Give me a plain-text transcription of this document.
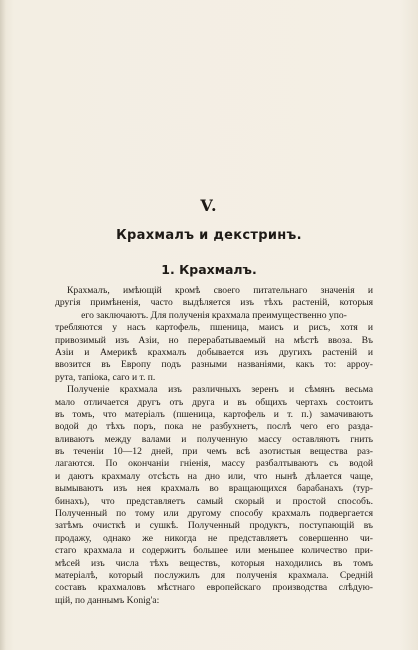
V.
Крахмалъ и декстринъ.
1. Крахмалъ.
Крахмалъ, имѣющій кромѣ своего питательнаго значенія и
другія примѣненія, часто выдѣляется изъ тѣхъ растеній, которыя
его заключаютъ. Для полученія крахмала преимущественно упо-
требляются у насъ картофель, пшеница, маисъ и рисъ, хотя и
привозимый изъ Азіи, но перерабатываемый на мѣстѣ ввоза. Въ
Азіи и Америкѣ крахмалъ добывается изъ другихъ растеній и
ввозится въ Европу подъ разными названіями, какъ то: арроу-
рута, тапіока, саго и т. п.
Полученіе крахмала изъ различныхъ зеренъ и сѣмянъ весьма
мало отличается другъ отъ друга и въ общихъ чертахъ состоитъ
въ томъ, что матеріалъ (пшеница, картофель и т. п.) замачиваютъ
водой до тѣхъ поръ, пока не разбухнетъ, послѣ чего его разда-
вливаютъ между валами и полученную массу оставляютъ гнить
въ теченіи 10—12 дней, при чемъ всѣ азотистыя вещества раз-
лагаются. По окончаніи гніенія, массу разбалтываютъ съ водой
и даютъ крахмалу отсѣсть на дно или, что нынѣ дѣлается чаще,
вымываютъ изъ нея крахмалъ во вращающихся барабанахъ (тур-
бинахъ), что представляетъ самый скорый и простой способъ.
Полученный по тому или другому способу крахмалъ подвергается
затѣмъ очисткѣ и сушкѣ. Полученный продуктъ, поступающій въ
продажу, однако же никогда не представляетъ совершенно чи-
стаго крахмала и содержитъ большее или меньшее количество при-
мѣсей изъ числа тѣхъ веществъ, которыя находились въ томъ
матеріалѣ, который послужилъ для полученія крахмала. Средній
составъ крахмаловъ мѣстнаго европейскаго производства слѣдую-
щій, по даннымъ Konig'a:
